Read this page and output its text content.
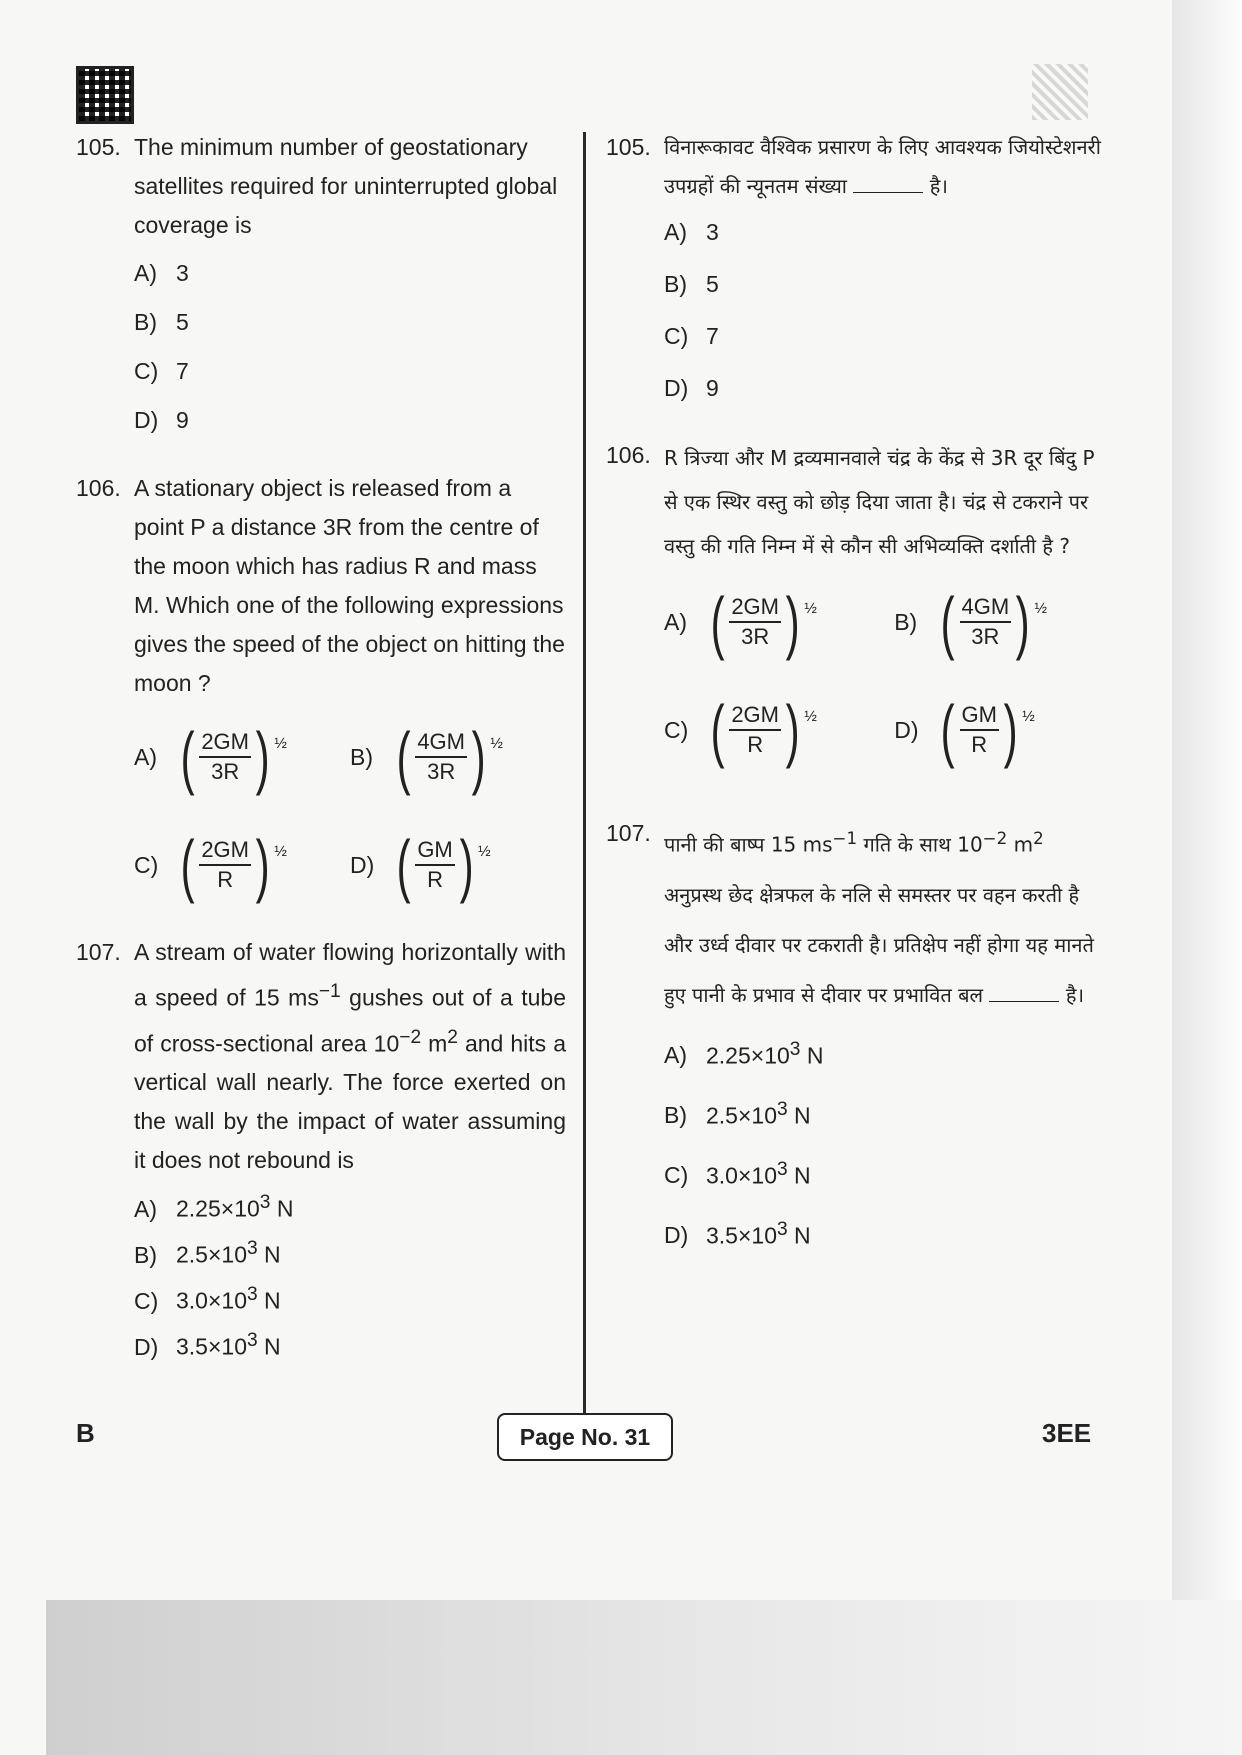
105. The minimum number of geostationary satellites required for uninterrupted global coverage is
A) 3
B) 5
C) 7
D) 9
106. A stationary object is released from a point P a distance 3R from the centre of the moon which has radius R and mass M. Which one of the following expressions gives the speed of the object on hitting the moon ?
A) ( $\frac{2GM}{3R}$ ) ½	B) ( $\frac{4GM}{3R}$ ) ½
C) ( $\frac{2GM}{R}$ ) ½	D) ( $\frac{GM}{R}$ ) ½
107. A stream of water flowing horizontally with a speed of 15 $ms^{-1}$ gushes out of a tube of cross-sectional area $10^{-2}$ $m^2$ and hits a vertical wall nearly. The force exerted on the wall by the impact of water assuming it does not rebound is
A) $2.25\times 10^3$ N
B) $2.5\times 10^3$ N
C) $3.0\times 10^3$ N
D) $3.5\times 10^3$ N
105. विनारूकावट वैश्विक प्रसारण के लिए आवश्यक जियोस्टेशनरी उपग्रहों की न्यूनतम संख्या	है।
A) 3
B) 5
C) 7
D) 9
106. R त्रिज्या और M द्रव्यमानवाले चंद्र के केंद्र से 3R दूर बिंदु P से एक स्थिर वस्तु को छोड़ दिया जाता है। चंद्र से टकराने पर वस्तु की गति निम्न में से कौन सी अभिव्यक्ति दर्शाती है ?
A) ( $\frac{2GM}{3R}$ ) ½	B) ( $\frac{4GM}{3R}$ ) ½
C) ( $\frac{2GM}{R}$ ) ½	D) ( $\frac{GM}{R}$ ) ½
107. पानी की बाष्प 15 $ms^{-1}$ गति के साथ $10^{-2}$ $m^2$ अनुप्रस्थ छेद क्षेत्रफल के नलि से समस्तर पर वहन करती है और उर्ध्व दीवार पर टकराती है। प्रतिक्षेप नहीं होगा यह मानते हुए पानी के प्रभाव से दीवार पर प्रभावित बल	है।
A) $2.25\times 10^3$ N
B) $2.5\times 10^3$ N
C) $3.0\times 10^3$ N
D) $3.5\times 10^3$ N
B	Page No. 31	3EE
